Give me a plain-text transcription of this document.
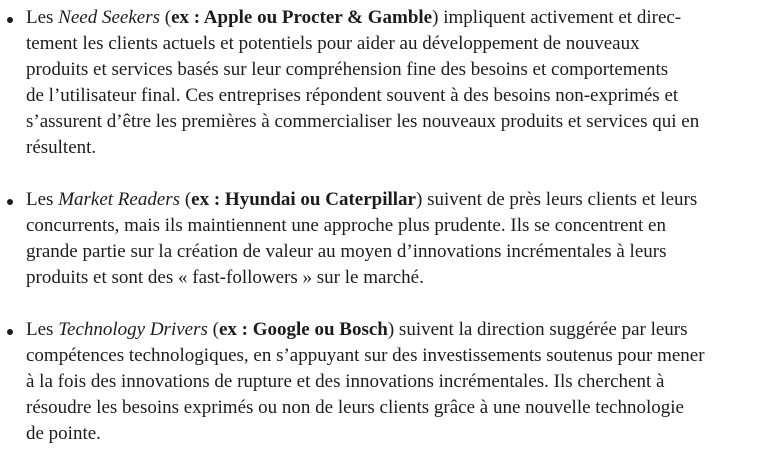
Les Need Seekers (ex : Apple ou Procter & Gamble) impliquent activement et direc-
tement les clients actuels et potentiels pour aider au développement de nouveaux
produits et services basés sur leur compréhension fine des besoins et comportements
de l’utilisateur final. Ces entreprises répondent souvent à des besoins non-exprimés et
s’assurent d’être les premières à commercialiser les nouveaux produits et services qui en
résultent.
Les Market Readers (ex : Hyundai ou Caterpillar) suivent de près leurs clients et leurs
concurrents, mais ils maintiennent une approche plus prudente. Ils se concentrent en
grande partie sur la création de valeur au moyen d’innovations incrémentales à leurs
produits et sont des « fast-followers » sur le marché.
Les Technology Drivers (ex : Google ou Bosch) suivent la direction suggérée par leurs
compétences technologiques, en s’appuyant sur des investissements soutenus pour mener
à la fois des innovations de rupture et des innovations incrémentales. Ils cherchent à
résoudre les besoins exprimés ou non de leurs clients grâce à une nouvelle technologie
de pointe.
